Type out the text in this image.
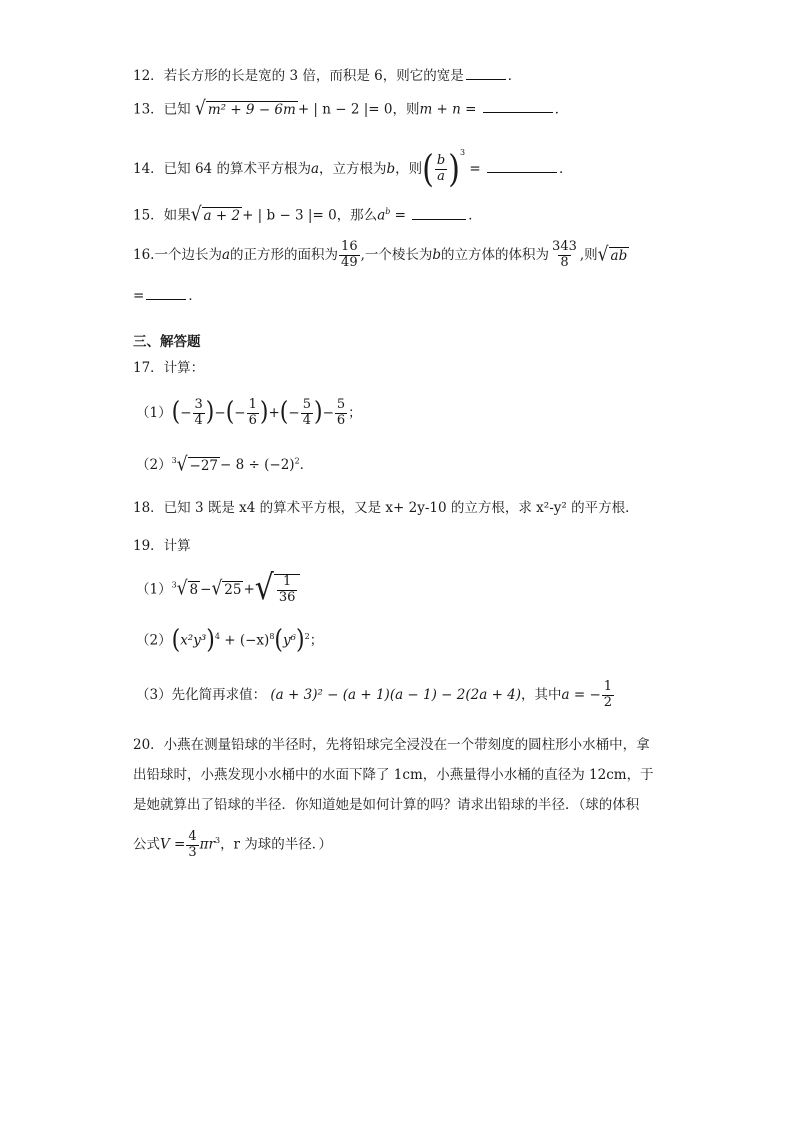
12．若长方形的长是宽的 3 倍，而积是 6，则它的宽是	．
13．已知 √ m² + 9 − 6m + | n − 2 |= 0，则m + n =	．
14．已知 64 的算术平方根为a，立方根为b，则( $\frac{b}{a} )^3$ =	．
15．如果 √ a + 2 + | b − 3 |= 0，那么$a^b$ =	．
16.一个边长为a的正方形的面积为 $\frac{16}{49}$ ,一个棱长为b的立方体的体积为 $\frac{343}{8}$ ,则 √ ab
=	．
三、解答题
17．计算：
$(1)(- \frac{3}{4}$ )−(− $\frac{1}{6}$ )+(− $\frac{5}{4}$ )− $\frac{5}{6}$ ；
$(2)^3$ √ $-27 - 8 \div (-2)^2$．
18．已知 3 既是 x4 的算术平方根，又是 x+ 2y-10 的立方根，求 x²-y² 的平方根．
19．计算
$(1)^3$ √ 8 − √ 25 + √ $\frac{1}{36}$
$(2)(x^2y^3)^4 + (-x)^8(y^6)^2$；
（3）先化简再求值： (a + 3)² − (a + 1)(a − 1) − 2(2a + 4)，其中a = − $\frac{1}{2}$
20．小燕在测量铅球的半径时，先将铅球完全浸没在一个带刻度的圆柱形小水桶中，拿
出铅球时，小燕发现小水桶中的水面下降了 1cm，小燕量得小水桶的直径为 12cm，于
是她就算出了铅球的半径．你知道她是如何计算的吗？请求出铅球的半径．（球的体积
公式$V = \frac{4}{3} \pi r^3$，r 为球的半径．）
